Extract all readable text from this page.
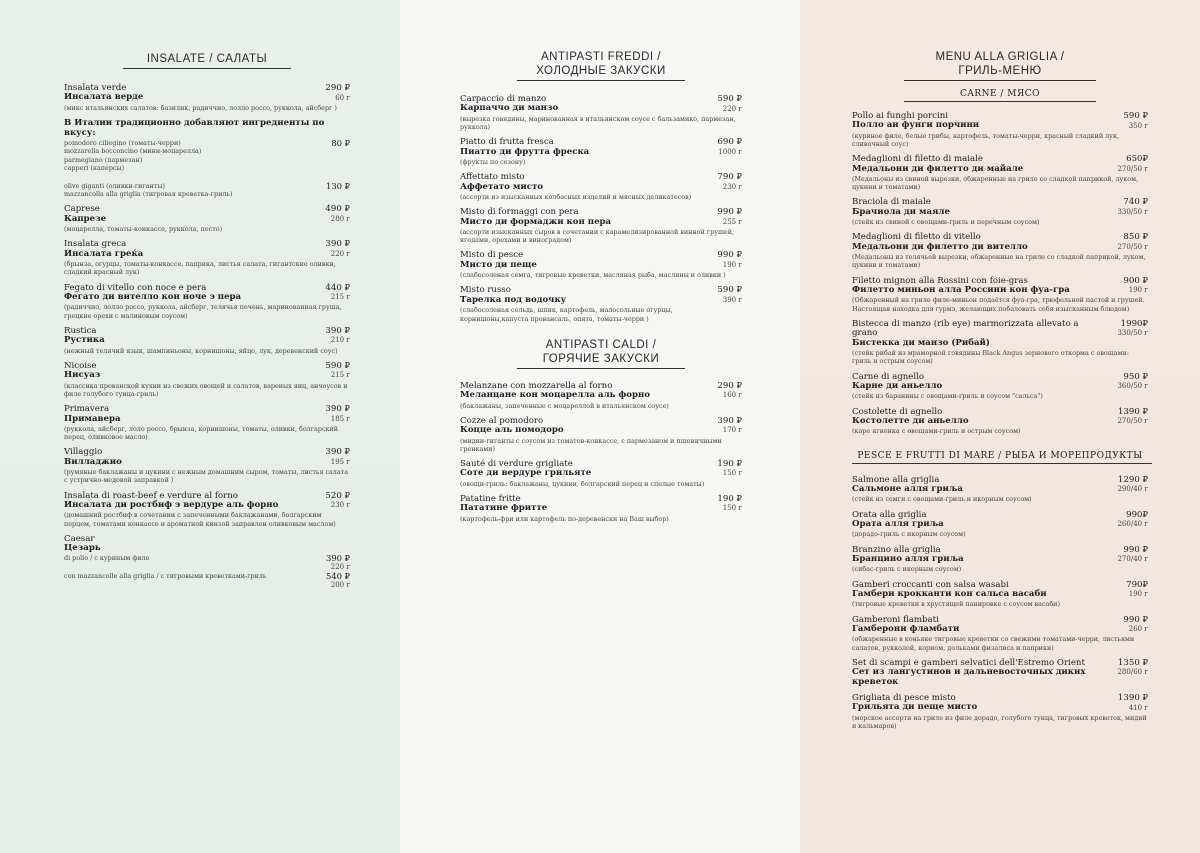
INSALATE / САЛАТЫ
Insalata verde
Инсалата верде
(микс итальянских салатов: базилик, радиччио, лолло россо, руккола, айсберг )
290 ₽
60 г
В Италии традиционно добавляют ингредиенты по вкусу:
pomodoro ciliegino (томаты-черри)
mozzarella bocconcino (мини-моцарелла)
parmegiano (пармезан)
capperi (каперсы)
80 ₽
olive giganti (оливки-гиганты)
mazzancolla alla griglia (тигровая креветка-гриль)
130 ₽
Caprese
Капрезе
(моцарелла, томаты-конкассе, руккола, песто)
490 ₽
280 г
Insalata greca
Инсалата греќа
(брынза, огурцы, томаты-конкассе, паприка, листья салата, гигантские оливки, сладкий красный лук)
390 ₽
220 г
Fegato di vitello con noce e pera
Фегато ди вителло кон ноче э пера
(радиччио, лолло россо, руккола, айсберг, телячья печень, маринованная груша, грецкие орехи с малиновым соусом)
440 ₽
215 г
Rustica
Рустика
(нежный телячий язык, шампиньоны, корнишоны, яйцо, лук, деревенский соус)
390 ₽
210 г
Nicoise
Нисуаз
(классика прованской кухни из свежих овощей и салатов, вареных яиц, анчоусов и филе голубого тунца-гриль)
590 ₽
215 г
Primavera
Примавера
(руккола, айсберг, лоло россо, брынза, корнишоны, томаты, оливки, болгарский перец, оливковое масло)
390 ₽
185 г
Villaggio
Вилладжио
(румяные баклажаны и цукини с нежным домашним сыром, томаты, листья салата с устрично-медовой заправкой )
390 ₽
195 г
Insalata di roast-beef e verdure al forno
Инсалата ди ростбиф э вердуре аль форно
(домашний ростбиф в сочетании с запеченными баклажанами, болгарским перцем, томатами конкассе и ароматной кинзой заправлен оливковым маслом)
520 ₽
230 г
Caesar
Цезарь
di pollo / с куриным филе	390 ₽
220 г
con mazzancolle alla griglia / с тигровыми креветками-гриль	540 ₽
200 г
ANTIPASTI FREDDI /
ХОЛОДНЫЕ ЗАКУСКИ
Carpaccio di manzo
Карпаччо ди манзо
(вырезка говядины, маринованная в итальянском соусе с бальзамико, пармезан, руккола)
590 ₽
220 г
Piatto di frutta fresca
Пиатто ди фрутта фреска
(фрукты по сезону)
690 ₽
1000 г
Affettato misto
Аффетато мисто
(ассорти из изысканных колбасных изделий и мясных деликатесов)
790 ₽
230 г
Misto di formaggi con pera
Мисто ди формаджи кон пера
(ассорти изысканных сыров в сочетании с карамелизированной винной грушей, ягодами, орехами и виноградом)
990 ₽
255 г
Misto di pesce
Мисто ди пеще
(слабосоленая семга, тигровые креветки, масляная рыба, маслины и оливки )
990 ₽
190 г
Misto russo
Тарелка под водочку
(слабосоленая сельдь, шпик, картофель, малосольные огурцы, корнишоны,капуста провансаль, опята, томаты-черри )
590 ₽
390 г
ANTIPASTI CALDI /
ГОРЯЧИЕ ЗАКУСКИ
Melanzane con mozzarella al forno
Меланцане кон моцарелла аль форно
(баклажаны, запеченные с моцареллой в итальянском соусе)
290 ₽
160 г
Cozze al pomodoro
Коццe аль помодоро
(мидии-гиганты с соусом из томатов-конкассе, с пармезаном и пшеничными гренками)
390 ₽
170 г
Sauté di verdure grigliate
Соте ди вердуре грильяте
(овощи-гриль: баклажаны, цукини, болгарский перец и спелые томаты)
190 ₽
150 г
Patatine fritte
Пататине фритте
(картофель-фри или картофель по-деревенски на Ваш выбор)
190 ₽
150 г
MENU ALLA GRIGLIA /
ГРИЛЬ-МЕНЮ
CARNE / МЯСО
Pollo ai funghi porcini
Полло аи фунги порчини
(куриное филе, белые грибы, картофель, томаты-черри, красный сладкий лук, сливочный соус)
590 ₽
350 г
Medaglioni di filetto di maiale
Медальони ди филетто ди майале
(Медальоны из свиной вырезки, обжаренные на гриле со сладкой паприкой, луком, цукини и томатами)
650₽
270/50 г
Braciola di maiale
Брачиола ди маяле
(стейк из свиной с овощами-гриль и перечным соусом)
740 ₽
330/50 г
Medaglioni di filetto di vitello
Медальони ди филетто ди вителло
(Медальоны из телячьей вырезки, обжаренные на гриле со сладкой паприкой, луком, цукини и томатами)
850 ₽
270/50 г
Filetto mignon alla Rossini con foie-gras
Филетто миньон алла Россини кон фуа-гра
(Обжаренный на гриле филе-миньон подаётся фуа-гра, трюфельной пастой и грушей. Настоящая находка для гурмэ, желающих побаловать себя изысканным блюдом)
900 ₽
190 г
Bistecca di manzo (rib eye) marmorizzata allevato a grano
Бистекка ди манзо (Рибай)
(стейк рибай из мраморной говядины Black Angus зернового откорма с овощами-гриль и острым соусом)
1990₽
330/50 г
Carne di agnello
Карне ди аньелло
(стейк из баранины с овощами-гриль и соусом "сальса")
950 ₽
360/50 г
Costolette di agnello
Костолетте ди аньелло
(каре ягненка с овощами-гриль и острым соусом)
1390 ₽
270/50 г
PESCE E FRUTTI DI MARE / РЫБА И МОРЕПРОДУКТЫ
Salmone alla griglia
Сальмоне алля гриља
(стейк из семги с овощами-гриль и икорным соусом)
1290 ₽
290/40 г
Orata alla griglia
Ората алля гриља
(дорадо-гриль с икорным соусом)
990₽
260/40 г
Branzino alla griglia
Бранцино алля гриља
(сибас-гриль с икорным соусом)
990 ₽
270/40 г
Gamberi croccanti con salsa wasabi
Гамбери крокканти кон сальса васаби
(тигровые креветки в хрустящей панировке с соусом васаби)
790₽
190 г
Gamberoni flambati
Гамберони фламбати
(обжаренные в коньяке тигровые креветки со свежими томатами-черри, листьями салатов, рукколой, кориом, дольками физалиса и паприки)
990 ₽
260 г
Set di scampi e gamberi selvatici dell'Estremo Orient
Сет из лангустинов и дальневосточных диких креветок
1350 ₽
280/60 г
Grigliata di pesce misto
Грильята ди пеще мисто
(морское ассорти на гриле из филе дорадо, голубого тунца, тигровых креветок, мидий и кальмаров)
1390 ₽
410 г
